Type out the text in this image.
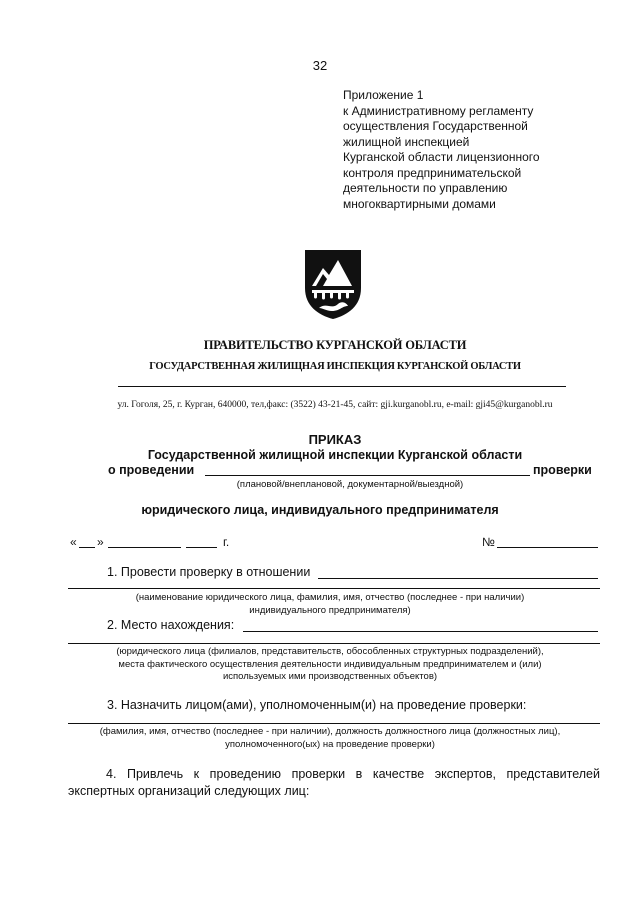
32
Приложение 1
к Административному регламенту
осуществления Государственной
жилищной инспекцией
Курганской области лицензионного
контроля предпринимательской
деятельности по управлению
многоквартирными домами
ПРАВИТЕЛЬСТВО КУРГАНСКОЙ ОБЛАСТИ
ГОСУДАРСТВЕННАЯ ЖИЛИЩНАЯ ИНСПЕКЦИЯ КУРГАНСКОЙ ОБЛАСТИ
ул. Гоголя, 25, г. Курган, 640000, тел,факс: (3522) 43-21-45, сайт: gji.kurganobl.ru, e-mail: gji45@kurganobl.ru
ПРИКАЗ
Государственной жилищной инспекции Курганской области
о проведении	проверки
(плановой/внеплановой, документарной/выездной)
юридического лица, индивидуального предпринимателя
« »	г.	№
1. Провести проверку в отношении
(наименование юридического лица, фамилия, имя, отчество (последнее - при наличии)
индивидуального предпринимателя)
2. Место нахождения:
(юридического лица (филиалов, представительств, обособленных структурных подразделений),
места фактического осуществления деятельности индивидуальным предпринимателем и (или)
используемых ими производственных объектов)
3. Назначить лицом(ами), уполномоченным(и) на проведение проверки:
(фамилия, имя, отчество (последнее - при наличии), должность должностного лица (должностных лиц),
уполномоченного(ых) на проведение проверки)
4. Привлечь к проведению проверки в качестве экспертов, представителей
экспертных организаций следующих лиц:
